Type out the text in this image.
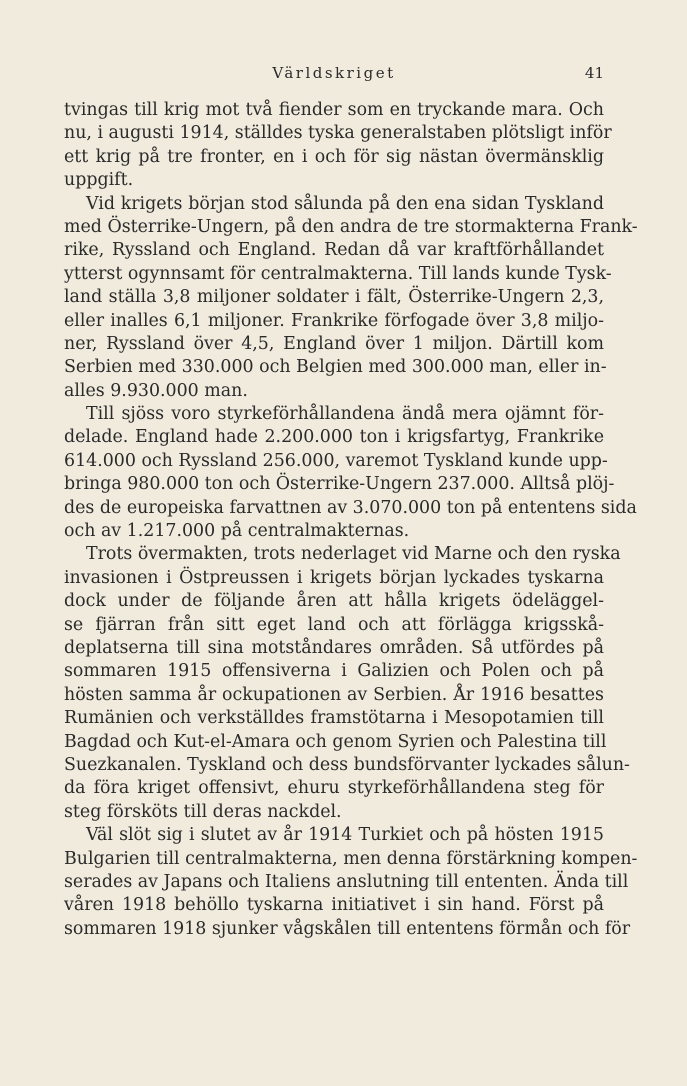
Världskriget	41
tvingas till krig mot två fiender som en tryckande mara. Och
nu, i augusti 1914, ställdes tyska generalstaben plötsligt inför
ett krig på tre fronter, en i och för sig nästan övermänsklig
uppgift.
Vid krigets början stod sålunda på den ena sidan Tyskland
med Österrike-Ungern, på den andra de tre stormakterna Frank-
rike, Ryssland och England. Redan då var kraftförhållandet
ytterst ogynnsamt för centralmakterna. Till lands kunde Tysk-
land ställa 3,8 miljoner soldater i fält, Österrike-Ungern 2,3,
eller inalles 6,1 miljoner. Frankrike förfogade över 3,8 miljo-
ner, Ryssland över 4,5, England över 1 miljon. Därtill kom
Serbien med 330.000 och Belgien med 300.000 man, eller in-
alles 9.930.000 man.
Till sjöss voro styrkeförhållandena ändå mera ojämnt för-
delade. England hade 2.200.000 ton i krigsfartyg, Frankrike
614.000 och Ryssland 256.000, varemot Tyskland kunde upp-
bringa 980.000 ton och Österrike-Ungern 237.000. Alltså plöj-
des de europeiska farvattnen av 3.070.000 ton på ententens sida
och av 1.217.000 på centralmakternas.
Trots övermakten, trots nederlaget vid Marne och den ryska
invasionen i Östpreussen i krigets början lyckades tyskarna
dock under de följande åren att hålla krigets ödeläggel-
se fjärran från sitt eget land och att förlägga krigsskå-
deplatserna till sina motståndares områden. Så utfördes på
sommaren 1915 offensiverna i Galizien och Polen och på
hösten samma år ockupationen av Serbien. År 1916 besattes
Rumänien och verkställdes framstötarna i Mesopotamien till
Bagdad och Kut-el-Amara och genom Syrien och Palestina till
Suezkanalen. Tyskland och dess bundsförvanter lyckades sålun-
da föra kriget offensivt, ehuru styrkeförhållandena steg för
steg försköts till deras nackdel.
Väl slöt sig i slutet av år 1914 Turkiet och på hösten 1915
Bulgarien till centralmakterna, men denna förstärkning kompen-
serades av Japans och Italiens anslutning till ententen. Ända till
våren 1918 behöllo tyskarna initiativet i sin hand. Först på
sommaren 1918 sjunker vågskålen till ententens förmån och för
